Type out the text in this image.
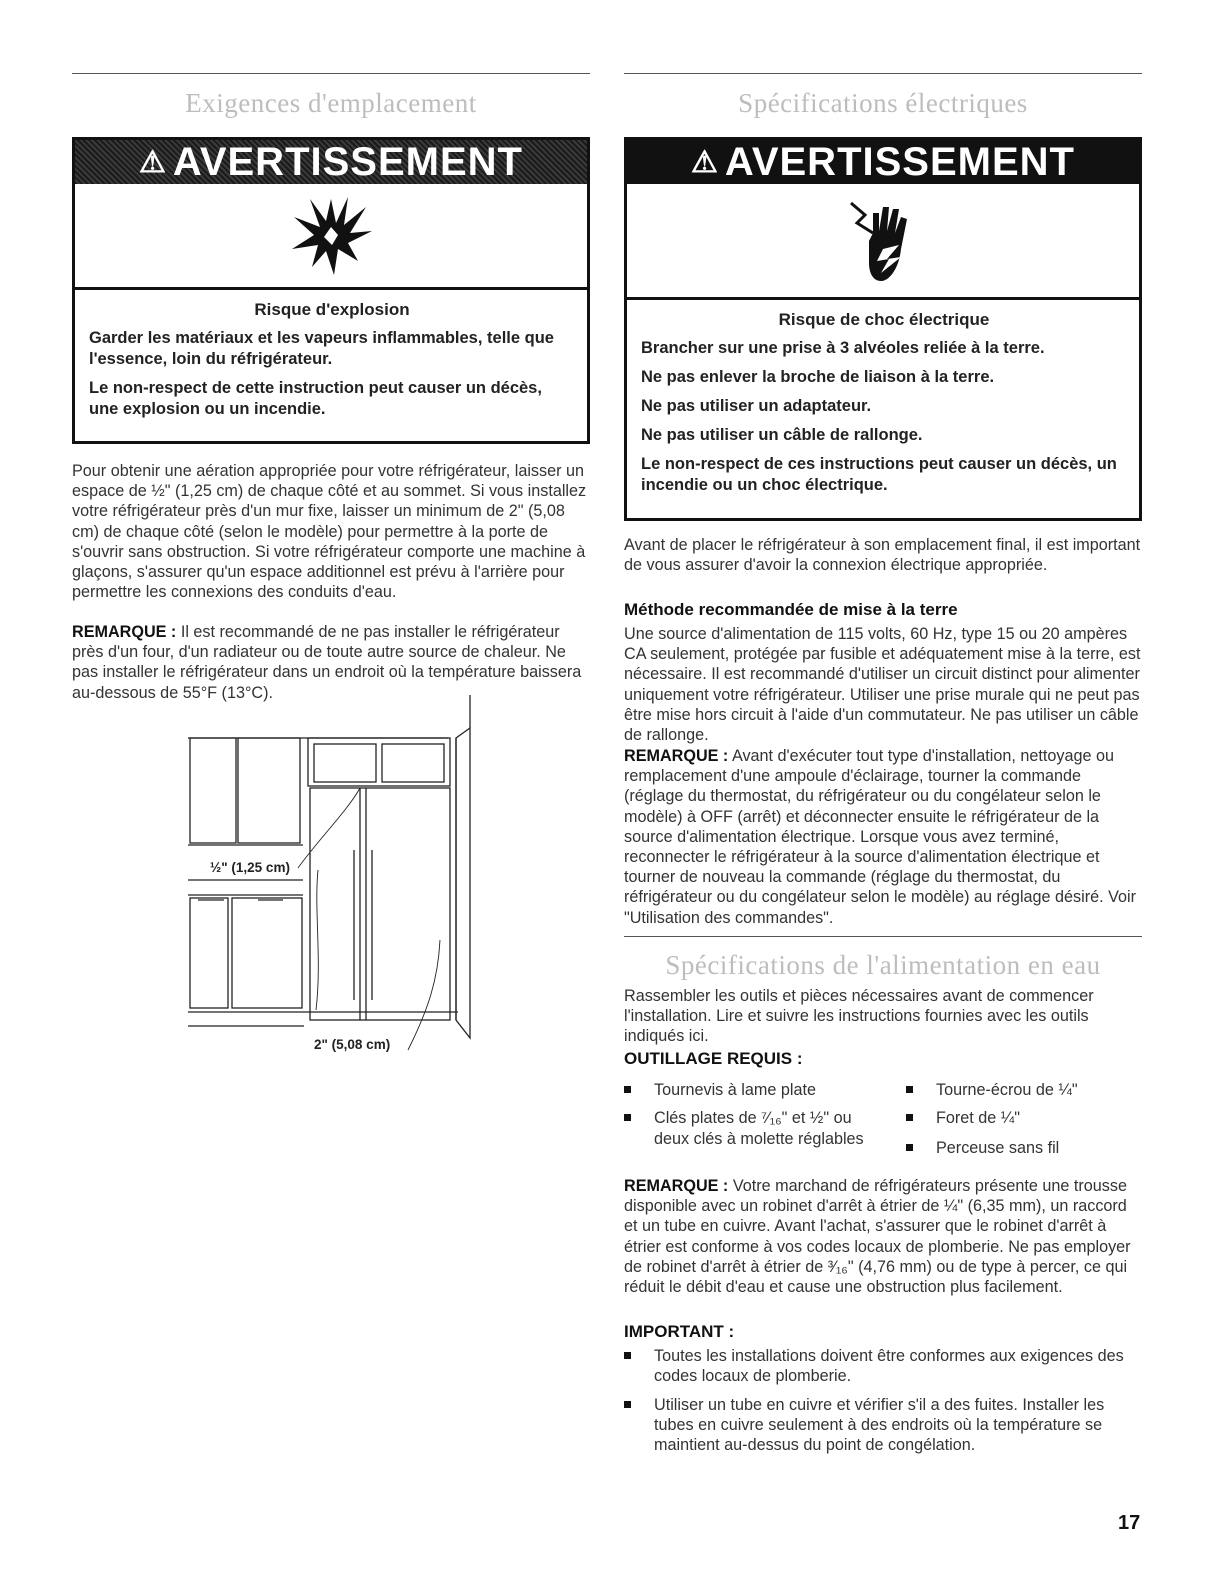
Exigences d'emplacement
⚠ AVERTISSEMENT
Risque d'explosion
Garder les matériaux et les vapeurs inflammables, telle que l'essence, loin du réfrigérateur.
Le non-respect de cette instruction peut causer un décès, une explosion ou un incendie.
Pour obtenir une aération appropriée pour votre réfrigérateur, laisser un espace de ½" (1,25 cm) de chaque côté et au sommet. Si vous installez votre réfrigérateur près d'un mur fixe, laisser un minimum de 2" (5,08 cm) de chaque côté (selon le modèle) pour permettre à la porte de s'ouvrir sans obstruction. Si votre réfrigérateur comporte une machine à glaçons, s'assurer qu'un espace additionnel est prévu à l'arrière pour permettre les connexions des conduits d'eau.
REMARQUE : Il est recommandé de ne pas installer le réfrigérateur près d'un four, d'un radiateur ou de toute autre source de chaleur. Ne pas installer le réfrigérateur dans un endroit où la température baissera au-dessous de 55°F (13°C).
½" (1,25 cm)
2" (5,08 cm)
Spécifications électriques
⚠ AVERTISSEMENT
Risque de choc électrique
Brancher sur une prise à 3 alvéoles reliée à la terre.
Ne pas enlever la broche de liaison à la terre.
Ne pas utiliser un adaptateur.
Ne pas utiliser un câble de rallonge.
Le non-respect de ces instructions peut causer un décès, un incendie ou un choc électrique.
Avant de placer le réfrigérateur à son emplacement final, il est important de vous assurer d'avoir la connexion électrique appropriée.
Méthode recommandée de mise à la terre
Une source d'alimentation de 115 volts, 60 Hz, type 15 ou 20 ampères CA seulement, protégée par fusible et adéquatement mise à la terre, est nécessaire. Il est recommandé d'utiliser un circuit distinct pour alimenter uniquement votre réfrigérateur. Utiliser une prise murale qui ne peut pas être mise hors circuit à l'aide d'un commutateur. Ne pas utiliser un câble de rallonge.
REMARQUE : Avant d'exécuter tout type d'installation, nettoyage ou remplacement d'une ampoule d'éclairage, tourner la commande (réglage du thermostat, du réfrigérateur ou du congélateur selon le modèle) à OFF (arrêt) et déconnecter ensuite le réfrigérateur de la source d'alimentation électrique. Lorsque vous avez terminé, reconnecter le réfrigérateur à la source d'alimentation électrique et tourner de nouveau la commande (réglage du thermostat, du réfrigérateur ou du congélateur selon le modèle) au réglage désiré. Voir "Utilisation des commandes".
Spécifications de l'alimentation en eau
Rassembler les outils et pièces nécessaires avant de commencer l'installation. Lire et suivre les instructions fournies avec les outils indiqués ici.
OUTILLAGE REQUIS :
Tournevis à lame plate
Clés plates de ⁷⁄₁₆" et ½" ou
deux clés à molette réglables
Tourne-écrou de ¼"
Foret de ¼"
Perceuse sans fil
REMARQUE : Votre marchand de réfrigérateurs présente une trousse disponible avec un robinet d'arrêt à étrier de ¼" (6,35 mm), un raccord et un tube en cuivre. Avant l'achat, s'assurer que le robinet d'arrêt à étrier est conforme à vos codes locaux de plomberie. Ne pas employer de robinet d'arrêt à étrier de ³⁄₁₆" (4,76 mm) ou de type à percer, ce qui réduit le débit d'eau et cause une obstruction plus facilement.
IMPORTANT :
Toutes les installations doivent être conformes aux exigences des codes locaux de plomberie.
Utiliser un tube en cuivre et vérifier s'il a des fuites. Installer les tubes en cuivre seulement à des endroits où la température se maintient au-dessus du point de congélation.
17
